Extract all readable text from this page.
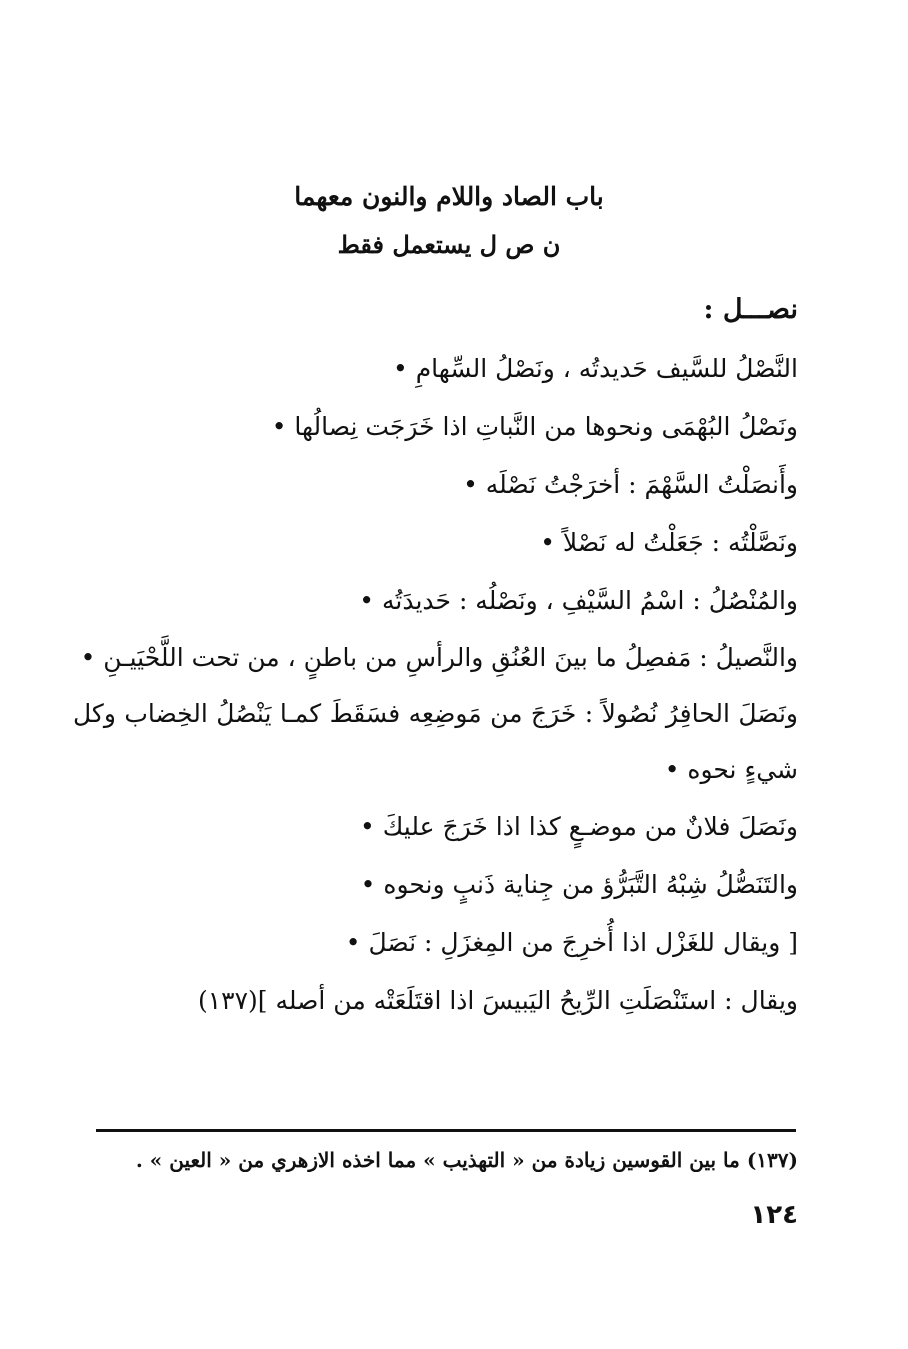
باب الصاد واللام والنون معهما
ن ص ل يستعمل فقط
نصـــل :
النَّصْلُ للسَّيف حَديدتُه ، ونَصْلُ السِّهامِ •
ونَصْلُ البُهْمَى ونحوها من النَّباتِ اذا خَرَجَت نِصالُها •
وأَنصَلْتُ السَّهْمَ : أخرَجْتُ نَصْلَه •
ونَصَّلْتُه : جَعَلْتُ له نَصْلاً •
والمُنْصُلُ : اسْمُ السَّيْفِ ، ونَصْلُه : حَديدَتُه •
والنَّصيلُ : مَفصِلُ ما بينَ العُنُقِ والرأسِ من باطنٍ ، من تحت اللَّحْيَيـنِ •
ونَصَلَ الحافِرُ نُصُولاً : خَرَجَ من مَوضِعِه فسَقَطَ كمـا يَنْصُلُ الخِضاب وكل شيءٍ نحوه •
ونَصَلَ فلانٌ من موضـعٍ كذا اذا خَرَجَ عليكَ •
والتَنَصُّلُ شِبْهُ التَّبَرُّؤ من جِناية ذَنبٍ ونحوه •
[ ويقال للغَزْل اذا أُخرِجَ من المِغزَلِ : نَصَلَ •
ويقال : استَنْصَلَتِ الرِّيحُ اليَبيسَ اذا اقتَلَعَتْه من أصله ](١٣٧)
(١٣٧) ما بين القوسين زيادة من « التهذيب » مما اخذه الازهري من « العين » .
١٢٤
